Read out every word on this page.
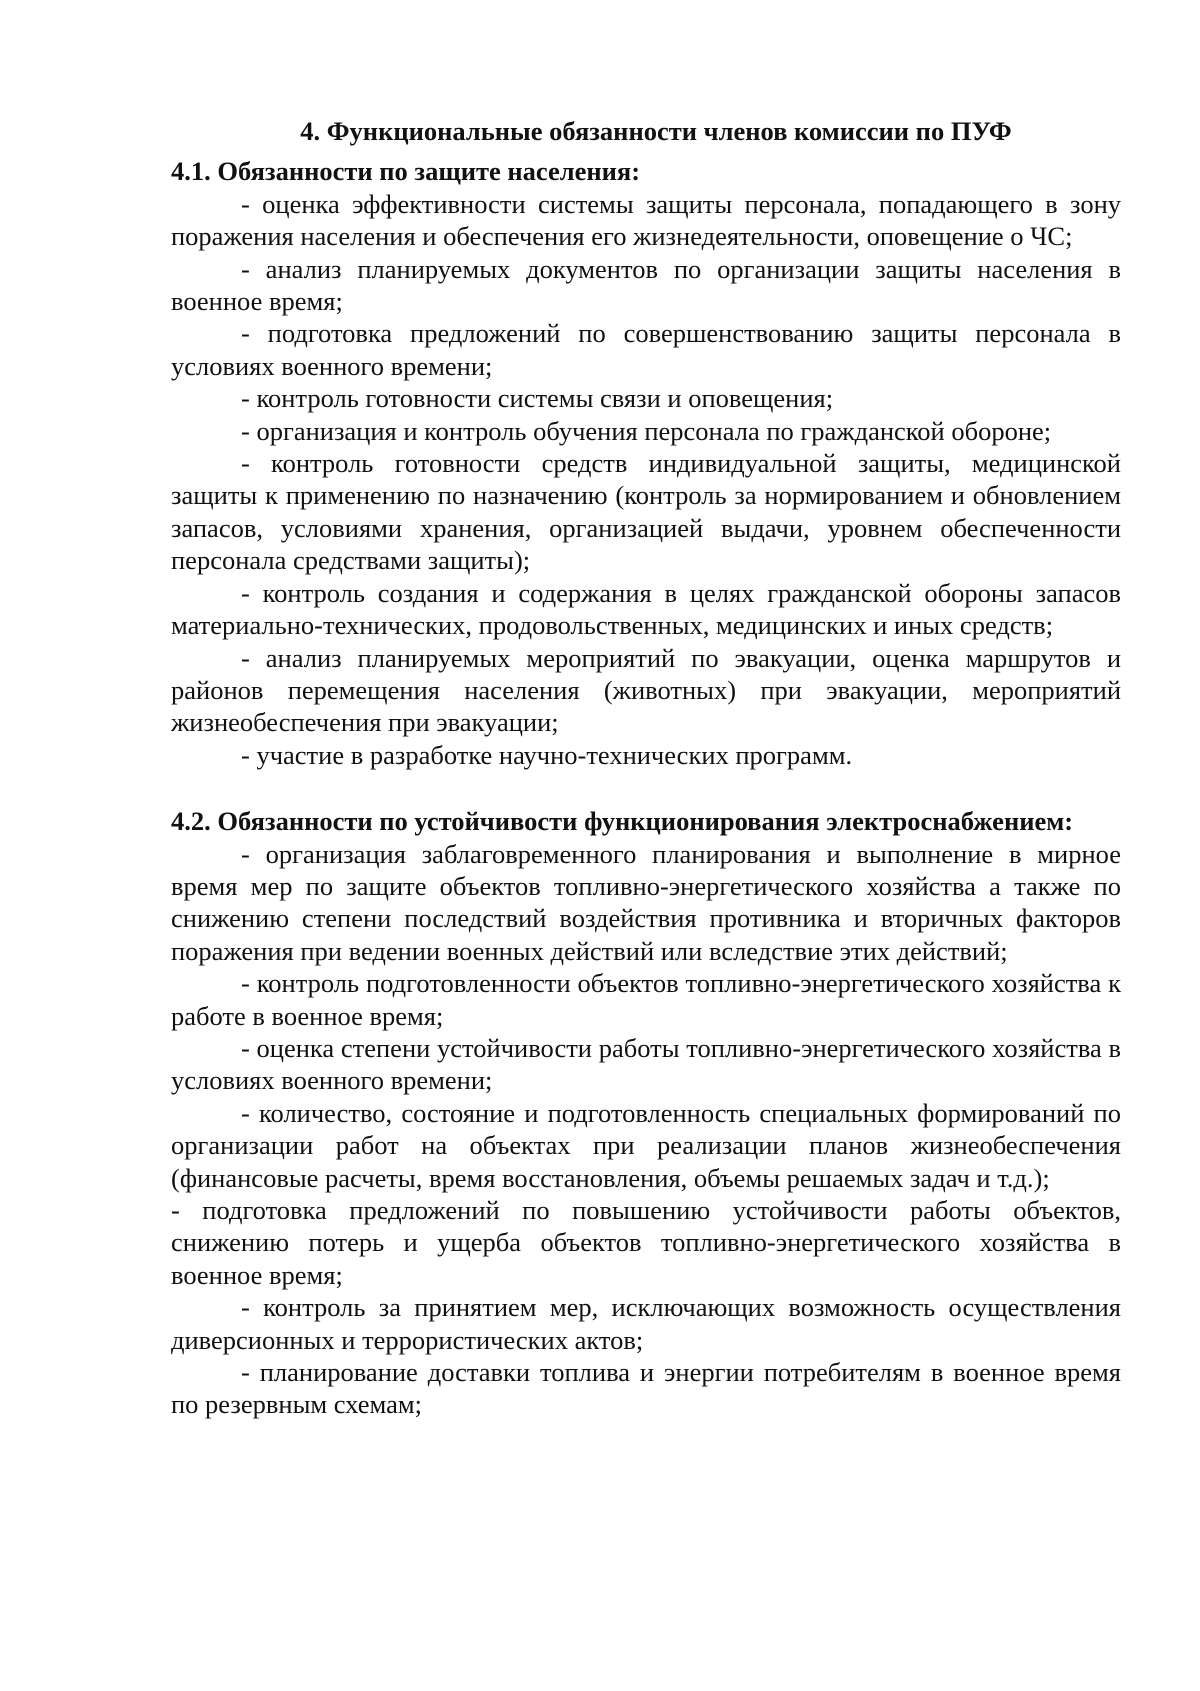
4. Функциональные обязанности членов комиссии по ПУФ

4.1. Обязанности по защите населения:

- оценка эффективности системы защиты персонала, попадающего в зону поражения населения и обеспечения его жизнедеятельности, оповещение о ЧС;

- анализ планируемых документов по организации защиты населения в военное время;

- подготовка предложений по совершенствованию защиты персонала в условиях военного времени;

- контроль готовности системы связи и оповещения;

- организация и контроль обучения персонала по гражданской обороне;

- контроль готовности средств индивидуальной защиты, медицинской защиты к применению по назначению (контроль за нормированием и обновлением запасов, условиями хранения, организацией выдачи, уровнем обеспеченности персонала средствами защиты);

- контроль создания и содержания в целях гражданской обороны запасов материально-технических, продовольственных, медицинских и иных средств;

- анализ планируемых мероприятий по эвакуации, оценка маршрутов и районов перемещения населения (животных) при эвакуации, мероприятий жизнеобеспечения при эвакуации;

- участие в разработке научно-технических программ.

4.2. Обязанности по устойчивости функционирования электроснабжением:

- организация заблаговременного планирования и выполнение в мирное время мер по защите объектов топливно-энергетического хозяйства а также по снижению степени последствий воздействия противника и вторичных факторов поражения при ведении военных действий или вследствие этих действий;

- контроль подготовленности объектов топливно-энергетического хозяйства к работе в военное время;

- оценка степени устойчивости работы топливно-энергетического хозяйства в условиях военного времени;

- количество, состояние и подготовленность специальных формирований по организации работ на объектах при реализации планов жизнеобеспечения (финансовые расчеты, время восстановления, объемы решаемых задач и т.д.);

- подготовка предложений по повышению устойчивости работы объектов, снижению потерь и ущерба объектов топливно-энергетического хозяйства в военное время;

- контроль за принятием мер, исключающих возможность осуществления диверсионных и террористических актов;

- планирование доставки топлива и энергии потребителям в военное время по резервным схемам;
